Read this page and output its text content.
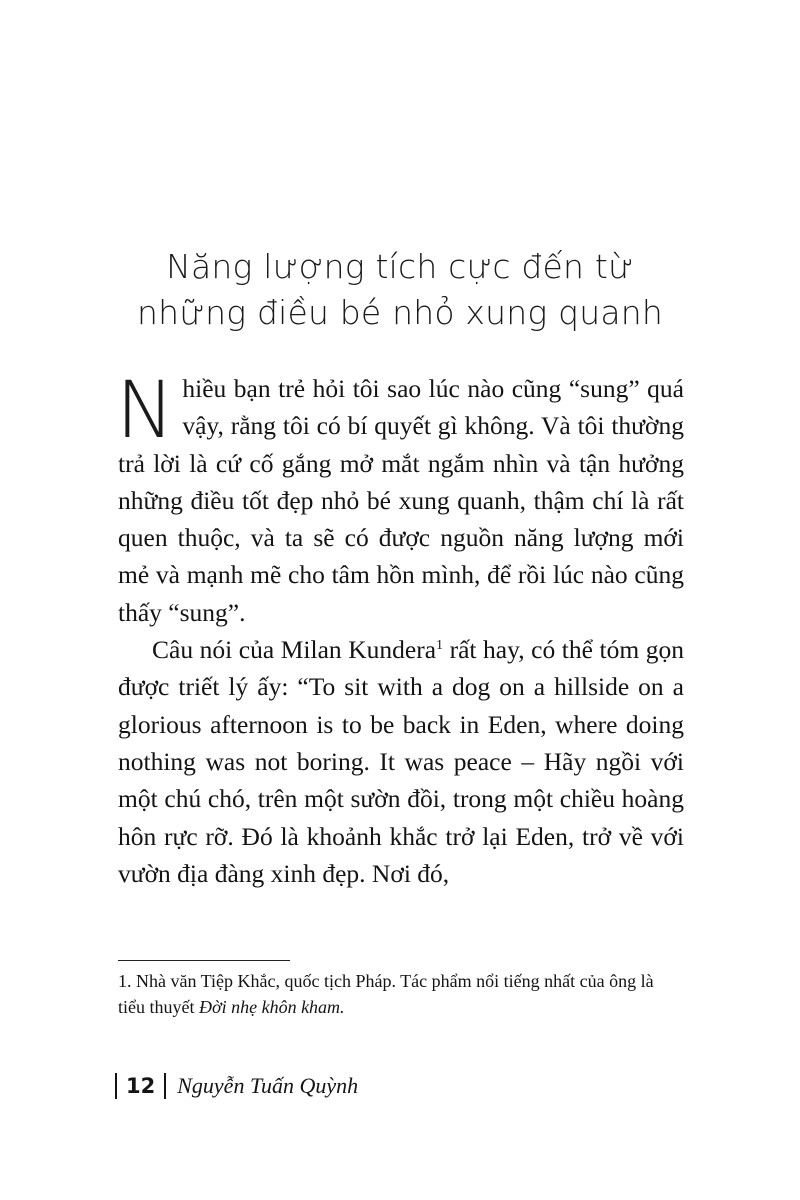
Năng lượng tích cực đến từ
những điều bé nhỏ xung quanh

Nhiều bạn trẻ hỏi tôi sao lúc nào cũng “sung” quá vậy, rằng tôi có bí quyết gì không. Và tôi thường trả lời là cứ cố gắng mở mắt ngắm nhìn và tận hưởng những điều tốt đẹp nhỏ bé xung quanh, thậm chí là rất quen thuộc, và ta sẽ có được nguồn năng lượng mới mẻ và mạnh mẽ cho tâm hồn mình, để rồi lúc nào cũng thấy “sung”.

Câu nói của Milan Kundera$^1$ rất hay, có thể tóm gọn được triết lý ấy: “To sit with a dog on a hillside on a glorious afternoon is to be back in Eden, where doing nothing was not boring. It was peace – Hãy ngồi với một chú chó, trên một sườn đồi, trong một chiều hoàng hôn rực rỡ. Đó là khoảnh khắc trở lại Eden, trở về với vườn địa đàng xinh đẹp. Nơi đó,

1. Nhà văn Tiệp Khắc, quốc tịch Pháp. Tác phẩm nổi tiếng nhất của ông là tiểu thuyết Đời nhẹ khôn kham.
12 Nguyễn Tuấn Quỳnh
